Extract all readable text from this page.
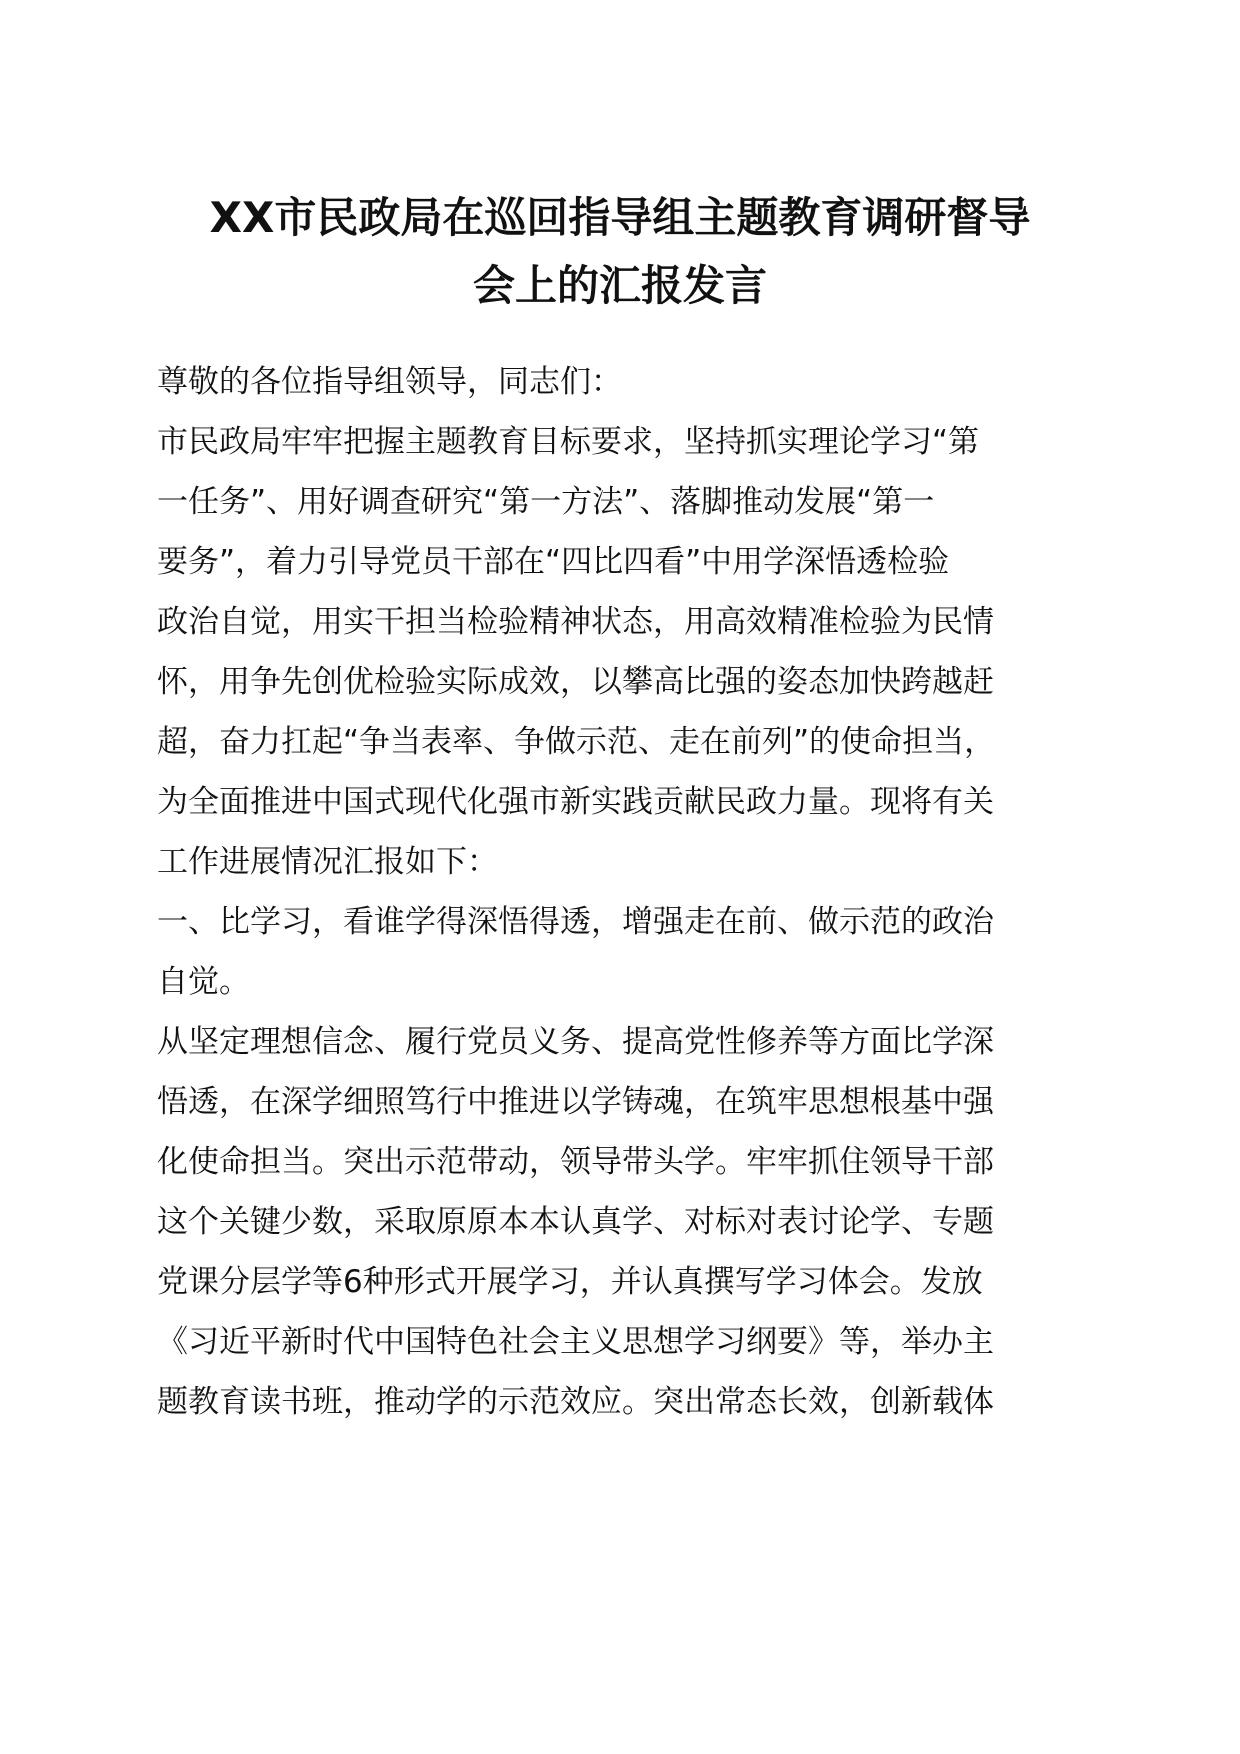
XX市民政局在巡回指导组主题教育调研督导
会上的汇报发言
尊敬的各位指导组领导，同志们：
市民政局牢牢把握主题教育目标要求，坚持抓实理论学习“第
一任务”、用好调查研究“第一方法”、落脚推动发展“第一
要务”，着力引导党员干部在“四比四看”中用学深悟透检验
政治自觉，用实干担当检验精神状态，用高效精准检验为民情
怀，用争先创优检验实际成效，以攀高比强的姿态加快跨越赶
超，奋力扛起“争当表率、争做示范、走在前列”的使命担当，
为全面推进中国式现代化强市新实践贡献民政力量。现将有关
工作进展情况汇报如下：
一、比学习，看谁学得深悟得透，增强走在前、做示范的政治
自觉。
从坚定理想信念、履行党员义务、提高党性修养等方面比学深
悟透，在深学细照笃行中推进以学铸魂，在筑牢思想根基中强
化使命担当。突出示范带动，领导带头学。牢牢抓住领导干部
这个关键少数，采取原原本本认真学、对标对表讨论学、专题
党课分层学等6种形式开展学习，并认真撰写学习体会。发放
《习近平新时代中国特色社会主义思想学习纲要》等，举办主
题教育读书班，推动学的示范效应。突出常态长效，创新载体
